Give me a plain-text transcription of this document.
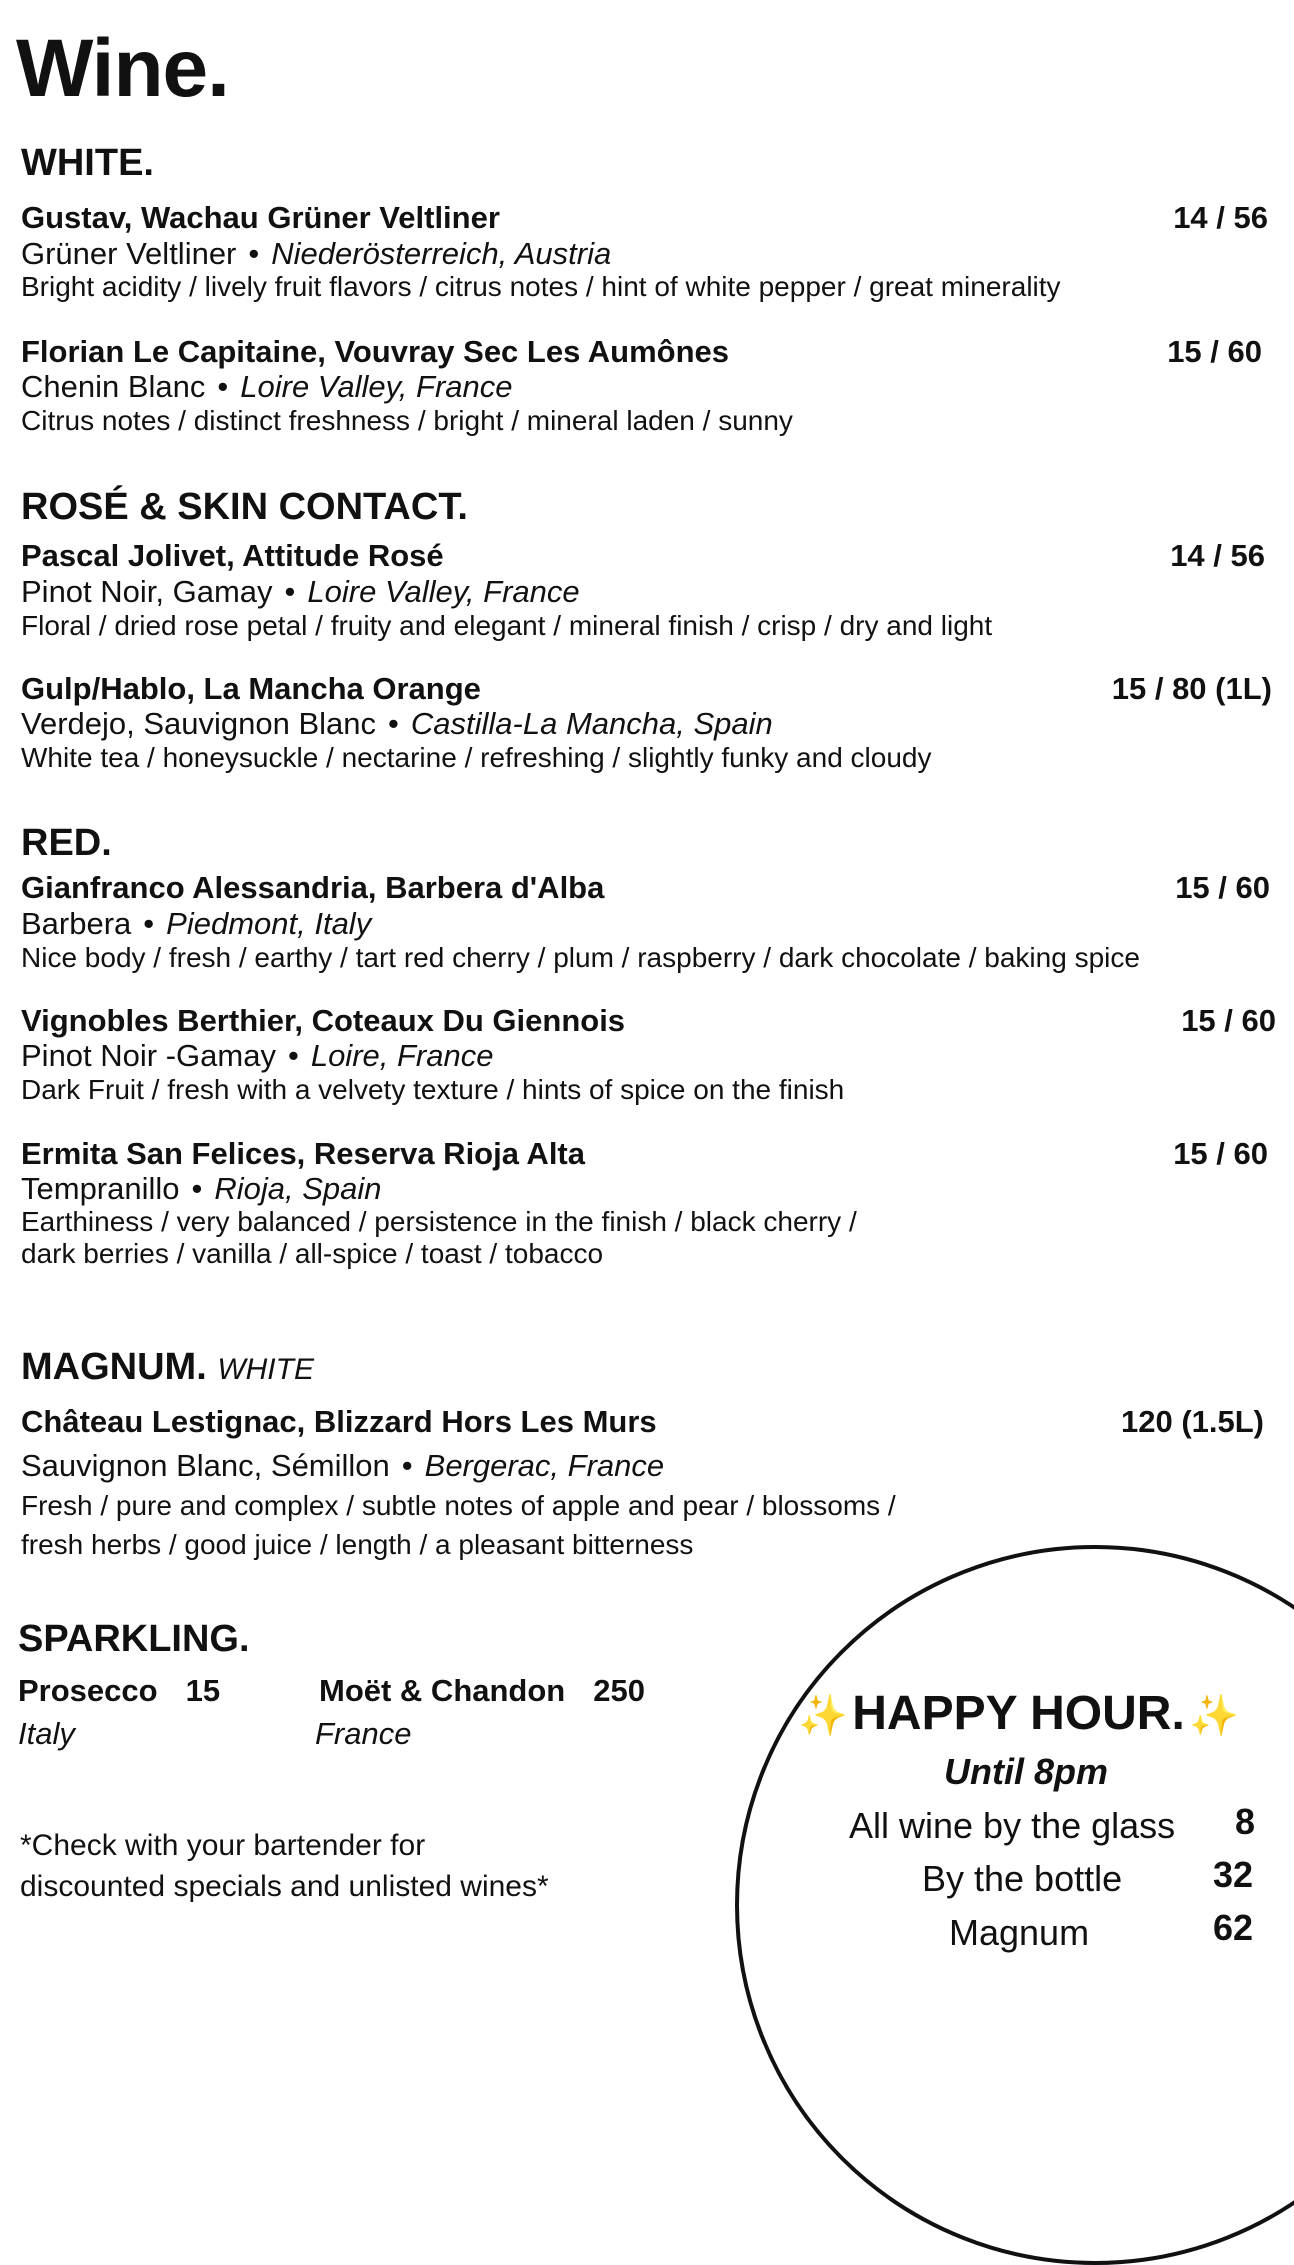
Wine.
WHITE.
Gustav, Wachau Grüner Veltliner	14 / 56
Grüner Veltliner • Niederösterreich, Austria
Bright acidity / lively fruit flavors / citrus notes / hint of white pepper / great minerality
Florian Le Capitaine, Vouvray Sec Les Aumônes	15 / 60
Chenin Blanc • Loire Valley, France
Citrus notes / distinct freshness / bright / mineral laden / sunny
ROSÉ & SKIN CONTACT.
Pascal Jolivet, Attitude Rosé	14 / 56
Pinot Noir, Gamay • Loire Valley, France
Floral / dried rose petal / fruity and elegant / mineral finish / crisp / dry and light
Gulp/Hablo, La Mancha Orange	15 / 80 (1L)
Verdejo, Sauvignon Blanc • Castilla-La Mancha, Spain
White tea / honeysuckle / nectarine / refreshing / slightly funky and cloudy
RED.
Gianfranco Alessandria, Barbera d'Alba	15 / 60
Barbera • Piedmont, Italy
Nice body / fresh / earthy / tart red cherry / plum / raspberry / dark chocolate / baking spice
Vignobles Berthier, Coteaux Du Giennois	15 / 60
Pinot Noir -Gamay • Loire, France
Dark Fruit / fresh with a velvety texture / hints of spice on the finish
Ermita San Felices, Reserva Rioja Alta	15 / 60
Tempranillo • Rioja, Spain
Earthiness / very balanced / persistence in the finish / black cherry /
dark berries / vanilla / all-spice / toast / tobacco
MAGNUM. WHITE
Château Lestignac, Blizzard Hors Les Murs	120 (1.5L)
Sauvignon Blanc, Sémillon • Bergerac, France
Fresh / pure and complex / subtle notes of apple and pear / blossoms /
fresh herbs / good juice / length / a pleasant bitterness
SPARKLING.
Prosecco 15
Italy
Moët & Chandon 250
France
*Check with your bartender for
discounted specials and unlisted wines*
✨ HAPPY HOUR. ✨
Until 8pm
All wine by the glass 8
By the bottle	32
Magnum	62
